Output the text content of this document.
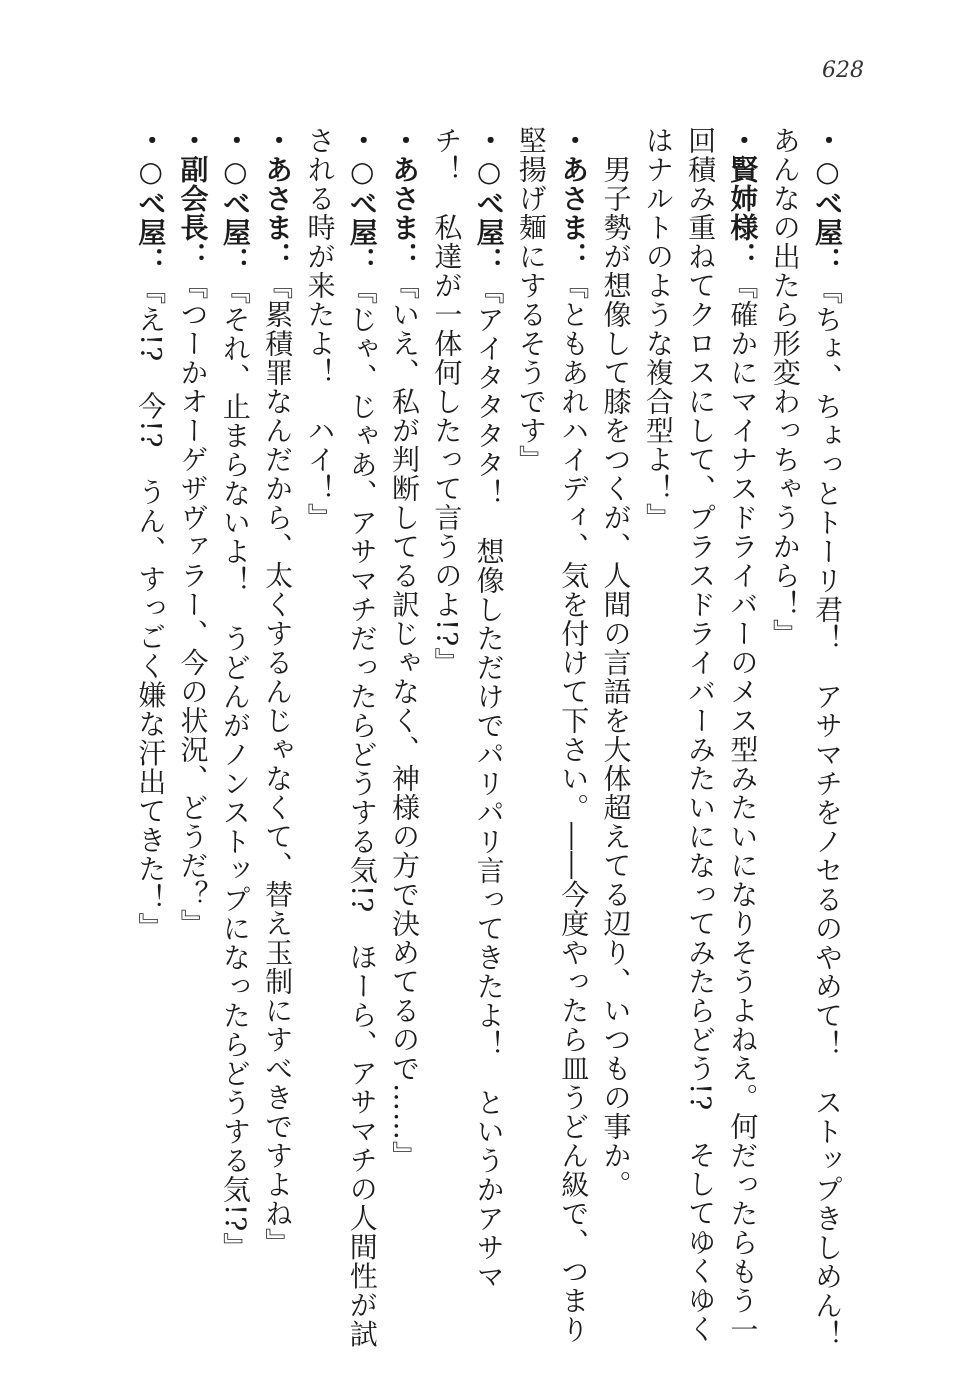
628
・○べ屋：『ちょ、ちょっとトーリ君！　アサマチをノセるのやめて！　ストップきしめん！
あんなの出たら形変わっちゃうから！』
・賢姉様：『確かにマイナスドライバーのメス型みたいになりそうよねえ。何だったらもう一
回積み重ねてクロスにして、プラスドライバーみたいになってみたらどう!?　そしてゆくゆく
はナルトのような複合型よ！』
　男子勢が想像して膝をつくが、人間の言語を大体超えてる辺り、いつもの事か。
・あさま：『ともあれハイディ、気を付けて下さい。――今度やったら皿うどん級で、つまり
堅揚げ麺にするそうです』
・○べ屋：『アイタタタタ！　想像しただけでパリパリ言ってきたよ！　というかアサマ
チ！　私達が一体何したって言うのよ!?』
・あさま：『いえ、私が判断してる訳じゃなく、神様の方で決めてるので……』
・○べ屋：『じゃ、じゃあ、アサマチだったらどうする気!?　ほーら、アサマチの人間性が試
される時が来たよ！　ハイ！』
・あさま：『累積罪なんだから、太くするんじゃなくて、替え玉制にすべきですよね』
・○べ屋：『それ、止まらないよ！　うどんがノンストップになったらどうする気!?』
・副会長：『つーかオーゲザヴァラー、今の状況、どうだ？』
・○べ屋：『え!?　今!?　うん、すっごく嫌な汗出てきた！』
